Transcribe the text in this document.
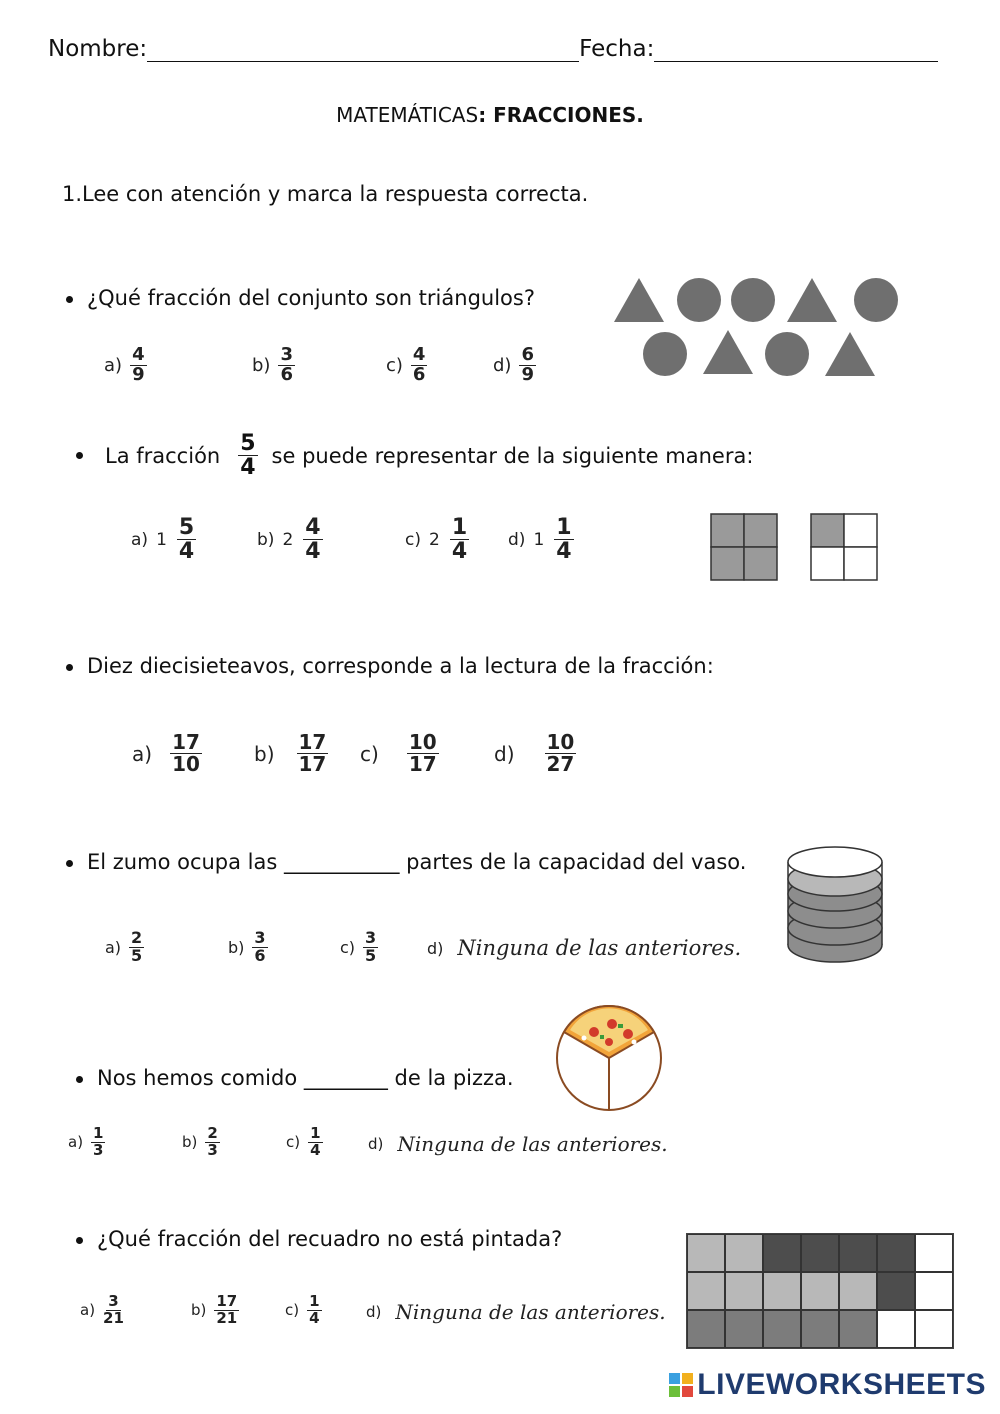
Nombre:	Fecha:
MATEMÁTICAS: FRACCIONES.
1.Lee con atención y marca la respuesta correcta.
¿Qué fracción del conjunto son triángulos?
$a) \frac{4}{9}$	$b) \frac{3}{6}$	$c) \frac{4}{6}$	$d) \frac{6}{9}$
La fracción $\frac{5}{4}$ se puede representar de la siguiente manera:
a) $1 \frac{5}{4}$	b) $2 \frac{4}{4}$	c) $2 \frac{1}{4} d$) $1 \frac{1}{4}$
Diez diecisieteavos, corresponde a la lectura de la fracción:
$a) \frac{17}{10}$	$b) \frac{17}{17} c) \frac{10}{17}$	$d) \frac{10}{27}$
El zumo ocupa las ___________ partes de la capacidad del vaso.
$a) \frac{2}{5}$	$b) \frac{3}{6}$	$c) \frac{3}{5}$	d) Ninguna de las anteriores.
Nos hemos comido ________ de la pizza.
$a) \frac{1}{3}$	$b) \frac{2}{3}$	$c) \frac{1}{4}$	d) Ninguna de las anteriores.
¿Qué fracción del recuadro no está pintada?
$a) \frac{3}{21}$	$b) \frac{17}{21}$	$c) \frac{1}{4}$	d) Ninguna de las anteriores.
LIVEWORKSHEETS
